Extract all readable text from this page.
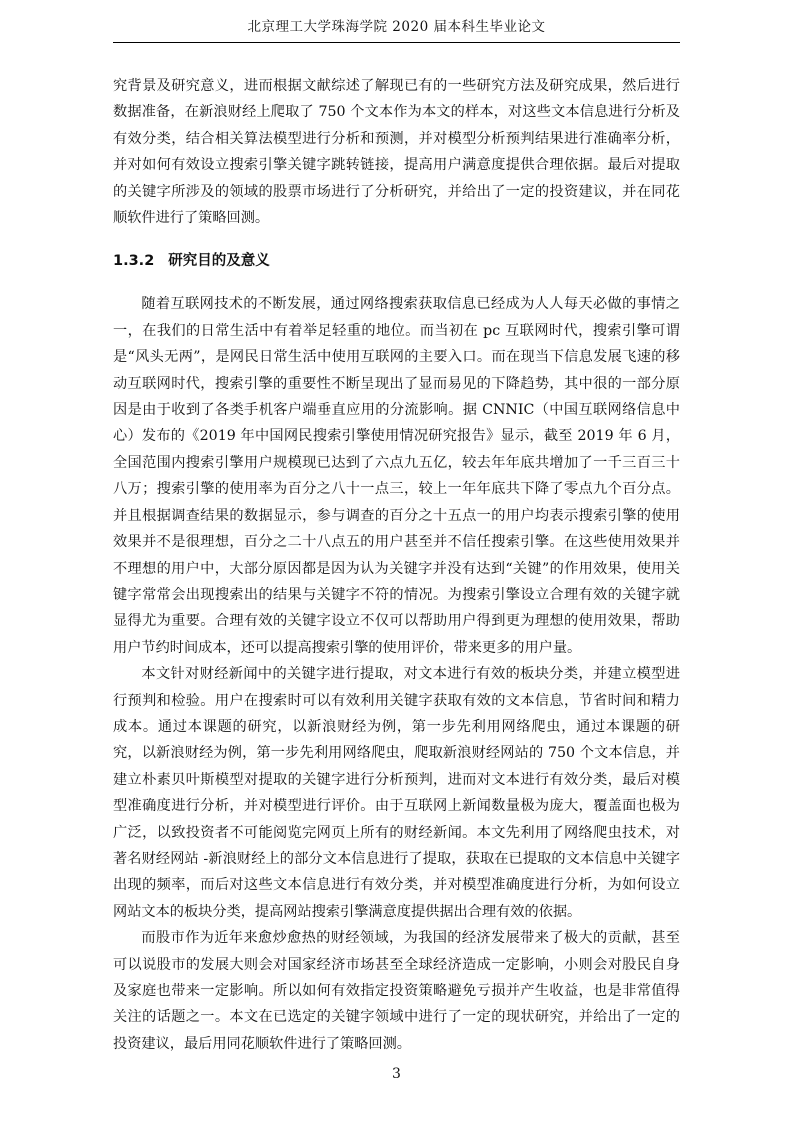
北京理工大学珠海学院 2020 届本科生毕业论文

究背景及研究意义，进而根据文献综述了解现已有的一些研究方法及研究成果，然后进行数据准备，在新浪财经上爬取了 750 个文本作为本文的样本，对这些文本信息进行分析及有效分类，结合相关算法模型进行分析和预测，并对模型分析预判结果进行准确率分析，并对如何有效设立搜索引擎关键字跳转链接，提高用户满意度提供合理依据。最后对提取的关键字所涉及的领域的股票市场进行了分析研究，并给出了一定的投资建议，并在同花顺软件进行了策略回测。

1.3.2 研究目的及意义

随着互联网技术的不断发展，通过网络搜索获取信息已经成为人人每天必做的事情之一，在我们的日常生活中有着举足轻重的地位。而当初在 pc 互联网时代，搜索引擎可谓是“风头无两”，是网民日常生活中使用互联网的主要入口。而在现当下信息发展飞速的移动互联网时代，搜索引擎的重要性不断呈现出了显而易见的下降趋势，其中很的一部分原因是由于收到了各类手机客户端垂直应用的分流影响。据 CNNIC（中国互联网络信息中心）发布的《2019 年中国网民搜索引擎使用情况研究报告》显示，截至 2019 年 6 月，全国范围内搜索引擎用户规模现已达到了六点九五亿，较去年年底共增加了一千三百三十八万；搜索引擎的使用率为百分之八十一点三，较上一年年底共下降了零点九个百分点。并且根据调查结果的数据显示，参与调查的百分之十五点一的用户均表示搜索引擎的使用效果并不是很理想，百分之二十八点五的用户甚至并不信任搜索引擎。在这些使用效果并不理想的用户中，大部分原因都是因为认为关键字并没有达到“关键”的作用效果，使用关键字常常会出现搜索出的结果与关键字不符的情况。为搜索引擎设立合理有效的关键字就显得尤为重要。合理有效的关键字设立不仅可以帮助用户得到更为理想的使用效果，帮助用户节约时间成本，还可以提高搜索引擎的使用评价，带来更多的用户量。

本文针对财经新闻中的关键字进行提取，对文本进行有效的板块分类，并建立模型进行预判和检验。用户在搜索时可以有效利用关键字获取有效的文本信息，节省时间和精力成本。通过本课题的研究，以新浪财经为例，第一步先利用网络爬虫，通过本课题的研究，以新浪财经为例，第一步先利用网络爬虫，爬取新浪财经网站的 750 个文本信息，并建立朴素贝叶斯模型对提取的关键字进行分析预判，进而对文本进行有效分类，最后对模型准确度进行分析，并对模型进行评价。由于互联网上新闻数量极为庞大，覆盖面也极为广泛，以致投资者不可能阅览完网页上所有的财经新闻。本文先利用了网络爬虫技术，对著名财经网站 -新浪财经上的部分文本信息进行了提取，获取在已提取的文本信息中关键字出现的频率，而后对这些文本信息进行有效分类，并对模型准确度进行分析，为如何设立网站文本的板块分类，提高网站搜索引擎满意度提供据出合理有效的依据。

而股市作为近年来愈炒愈热的财经领域，为我国的经济发展带来了极大的贡献，甚至可以说股市的发展大则会对国家经济市场甚至全球经济造成一定影响，小则会对股民自身及家庭也带来一定影响。所以如何有效指定投资策略避免亏损并产生收益，也是非常值得关注的话题之一。本文在已选定的关键字领域中进行了一定的现状研究，并给出了一定的投资建议，最后用同花顺软件进行了策略回测。

3
